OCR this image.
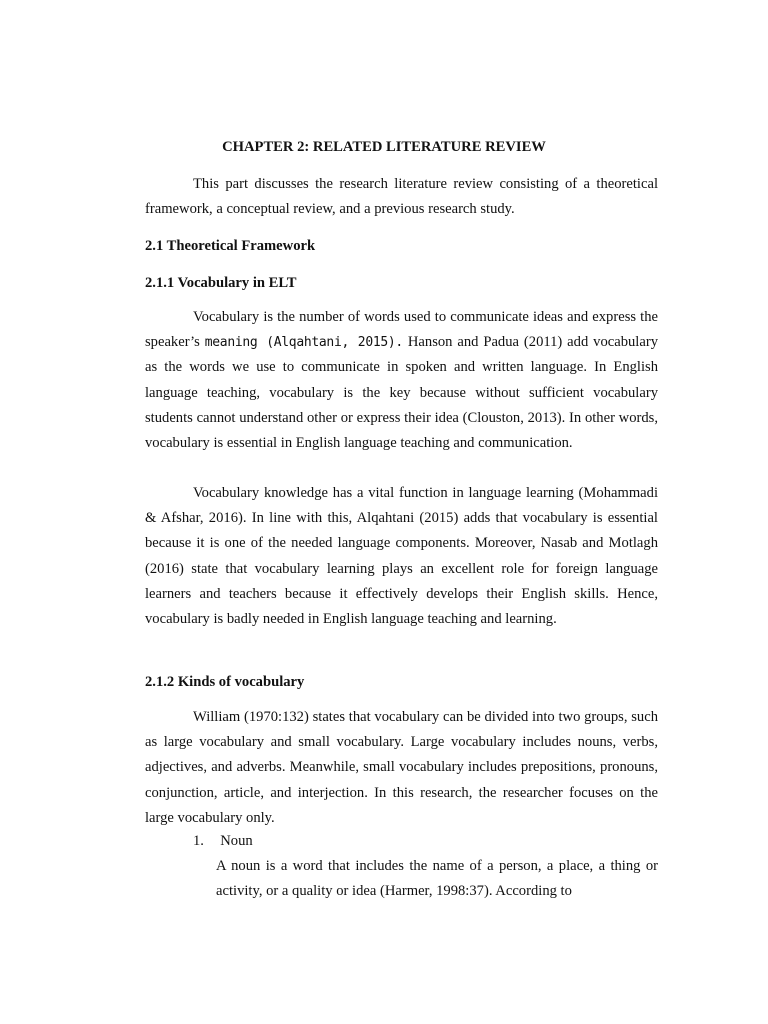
CHAPTER 2: RELATED LITERATURE REVIEW

This part discusses the research literature review consisting of a theoretical framework, a conceptual review, and a previous research study.

2.1 Theoretical Framework
2.1.1 Vocabulary in ELT

Vocabulary is the number of words used to communicate ideas and express the speaker’s meaning (Alqahtani, 2015). Hanson and Padua (2011) add vocabulary as the words we use to communicate in spoken and written language. In English language teaching, vocabulary is the key because without sufficient vocabulary students cannot understand other or express their idea (Clouston, 2013). In other words, vocabulary is essential in English language teaching and communication.

Vocabulary knowledge has a vital function in language learning (Mohammadi & Afshar, 2016). In line with this, Alqahtani (2015) adds that vocabulary is essential because it is one of the needed language components. Moreover, Nasab and Motlagh (2016) state that vocabulary learning plays an excellent role for foreign language learners and teachers because it effectively develops their English skills. Hence, vocabulary is badly needed in English language teaching and learning.

2.1.2 Kinds of vocabulary

William (1970:132) states that vocabulary can be divided into two groups, such as large vocabulary and small vocabulary. Large vocabulary includes nouns, verbs, adjectives, and adverbs. Meanwhile, small vocabulary includes prepositions, pronouns, conjunction, article, and interjection. In this research, the researcher focuses on the large vocabulary only.

1. Noun

A noun is a word that includes the name of a person, a place, a thing or activity, or a quality or idea (Harmer, 1998:37). According to
